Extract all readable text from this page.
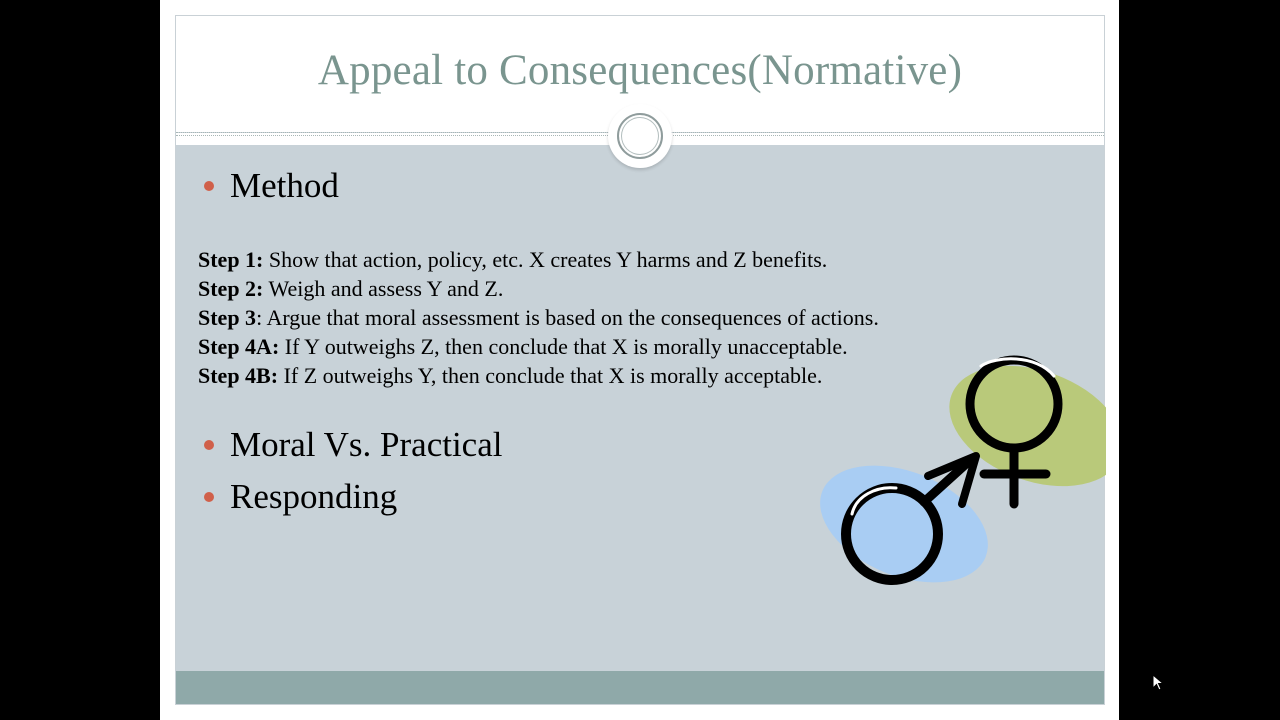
Appeal to Consequences(Normative)
Method
Step 1: Show that action, policy, etc. X creates Y harms and Z benefits.
Step 2: Weigh and assess Y and Z.
Step 3: Argue that moral assessment is based on the consequences of actions.
Step 4A: If Y outweighs Z, then conclude that X is morally unacceptable.
Step 4B: If Z outweighs Y, then conclude that X is morally acceptable.
Moral Vs. Practical
Responding
